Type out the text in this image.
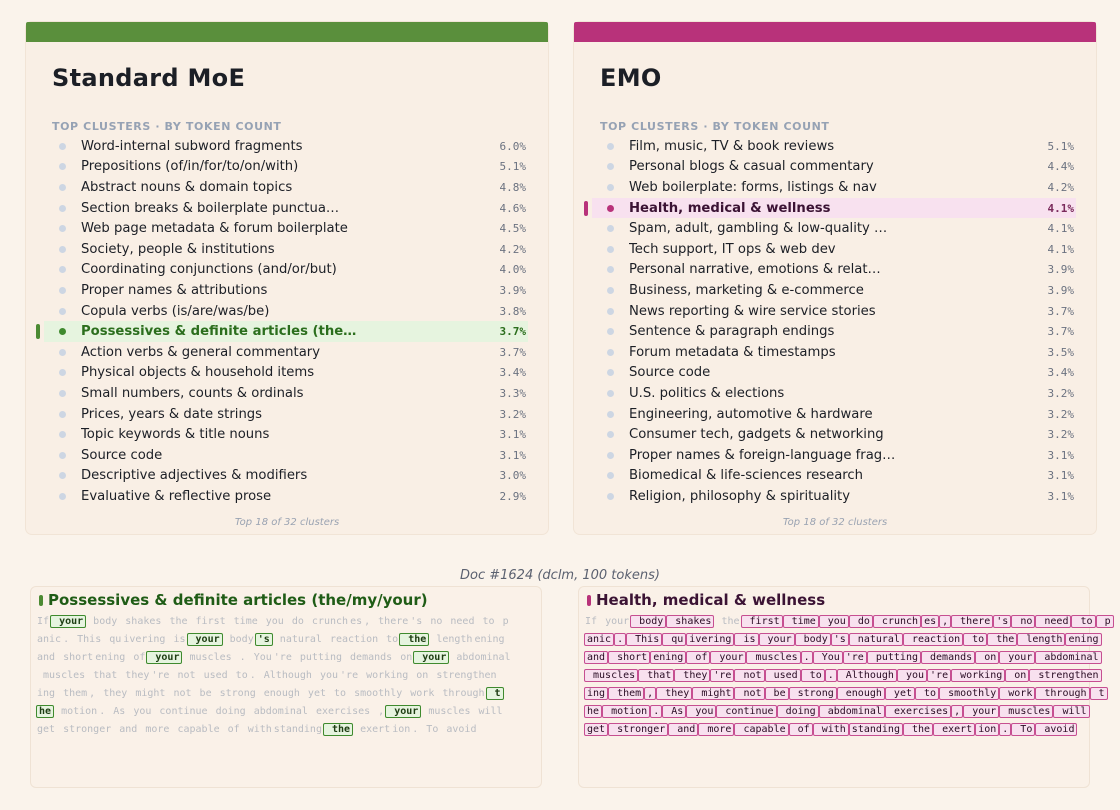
Standard MoE
TOP CLUSTERS · BY TOKEN COUNT
Word-internal subword fragments	6.0%
Prepositions (of/in/for/to/on/with)	5.1%
Abstract nouns & domain topics	4.8%
Section breaks & boilerplate punctua…	4.6%
Web page metadata & forum boilerplate	4.5%
Society, people & institutions	4.2%
Coordinating conjunctions (and/or/but)	4.0%
Proper names & attributions	3.9%
Copula verbs (is/are/was/be)	3.8%
Possessives & definite articles (the…	3.7%
Action verbs & general commentary	3.7%
Physical objects & household items	3.4%
Small numbers, counts & ordinals	3.3%
Prices, years & date strings	3.2%
Topic keywords & title nouns	3.1%
Source code	3.1%
Descriptive adjectives & modifiers	3.0%
Evaluative & reflective prose	2.9%
Top 18 of 32 clusters
EMO
TOP CLUSTERS · BY TOKEN COUNT
Film, music, TV & book reviews	5.1%
Personal blogs & casual commentary	4.4%
Web boilerplate: forms, listings & nav	4.2%
Health, medical & wellness	4.1%
Spam, adult, gambling & low-quality …	4.1%
Tech support, IT ops & web dev	4.1%
Personal narrative, emotions & relat…	3.9%
Business, marketing & e-commerce	3.9%
News reporting & wire service stories	3.7%
Sentence & paragraph endings	3.7%
Forum metadata & timestamps	3.5%
Source code	3.4%
U.S. politics & elections	3.2%
Engineering, automotive & hardware	3.2%
Consumer tech, gadgets & networking	3.2%
Proper names & foreign-language frag…	3.1%
Biomedical & life-sciences research	3.1%
Religion, philosophy & spirituality	3.1%
Top 18 of 32 clusters
Doc #1624 (dclm, 100 tokens)
Possessives & definite articles (the/my/your)
If your body shakes the first time you do crunch es , there 's no need to p
anic . This qu ivering is your body 's natural reaction to the length ening
and short ening of your muscles . You 're putting demands on your abdominal
muscles that they 're not used to . Although you 're working on strengthen
ing them , they might not be strong enough yet to smoothly work through t
he motion . As you continue doing abdominal exercises , your muscles will
get stronger and more capable of with standing the exert ion . To avoid
Health, medical & wellness
If your body shakes the first time you do crunch es , there 's no need to p
anic . This qu ivering is your body 's natural reaction to the length ening
and short ening of your muscles . You 're putting demands on your abdominal
muscles that they 're not used to . Although you 're working on strengthen
ing them , they might not be strong enough yet to smoothly work through t
he motion . As you continue doing abdominal exercises , your muscles will
get stronger and more capable of with standing the exert ion . To avoid
